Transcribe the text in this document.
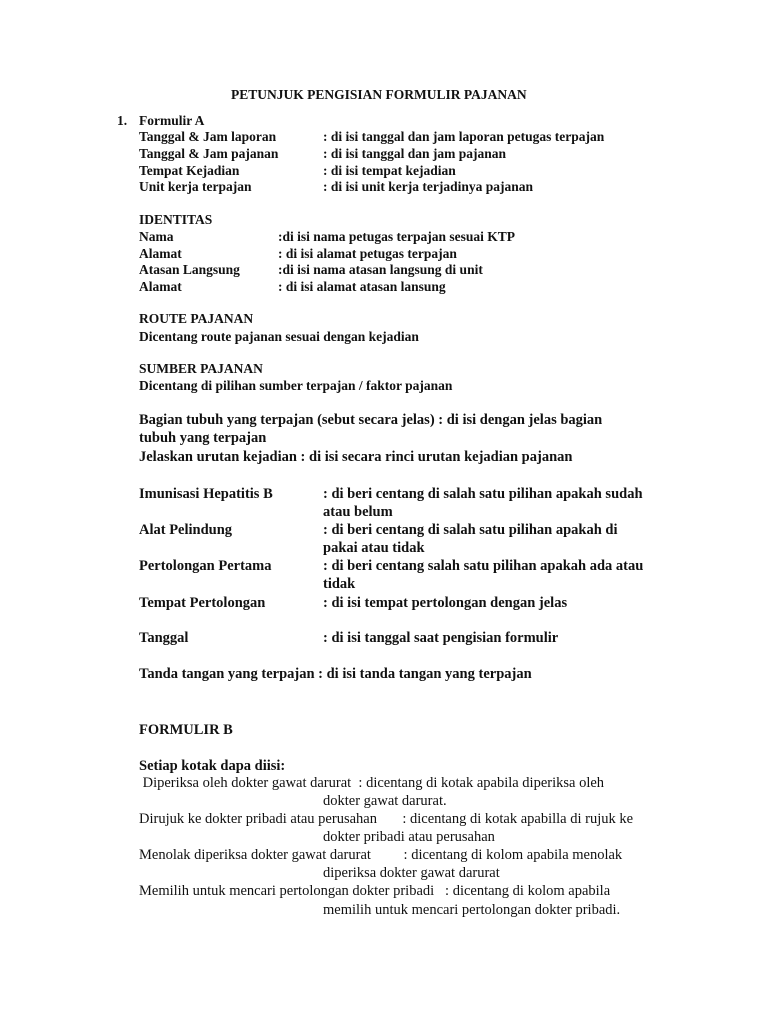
PETUNJUK PENGISIAN FORMULIR PAJANAN
1. Formulir A
Tanggal & Jam laporan	: di isi tanggal dan jam laporan petugas terpajan
Tanggal & Jam pajanan	: di isi tanggal dan jam pajanan
Tempat Kejadian	: di isi tempat kejadian
Unit kerja terpajan	: di isi unit kerja terjadinya pajanan
IDENTITAS
Nama	:di isi nama petugas terpajan sesuai KTP
Alamat	: di isi alamat petugas terpajan
Atasan Langsung	:di isi nama atasan langsung di unit
Alamat	: di isi alamat atasan lansung
ROUTE PAJANAN
Dicentang route pajanan sesuai dengan kejadian
SUMBER PAJANAN
Dicentang di pilihan sumber terpajan / faktor pajanan
Bagian tubuh yang terpajan (sebut secara jelas) : di isi dengan jelas bagian
tubuh yang terpajan
Jelaskan urutan kejadian : di isi secara rinci urutan kejadian pajanan
Imunisasi Hepatitis B	: di beri centang di salah satu pilihan apakah sudah
atau belum
Alat Pelindung	: di beri centang di salah satu pilihan apakah di
pakai atau tidak
Pertolongan Pertama	: di beri centang salah satu pilihan apakah ada atau
tidak
Tempat Pertolongan	: di isi tempat pertolongan dengan jelas
Tanggal	: di isi tanggal saat pengisian formulir
Tanda tangan yang terpajan : di isi tanda tangan yang terpajan
FORMULIR B
Setiap kotak dapa diisi:
Diperiksa oleh dokter gawat darurat  : dicentang di kotak apabila diperiksa oleh
dokter gawat darurat.
Dirujuk ke dokter pribadi atau perusahan       : dicentang di kotak apabilla di rujuk ke
dokter pribadi atau perusahan
Menolak diperiksa dokter gawat darurat         : dicentang di kolom apabila menolak
diperiksa dokter gawat darurat
Memilih untuk mencari pertolongan dokter pribadi   : dicentang di kolom apabila
memilih untuk mencari pertolongan dokter pribadi.
